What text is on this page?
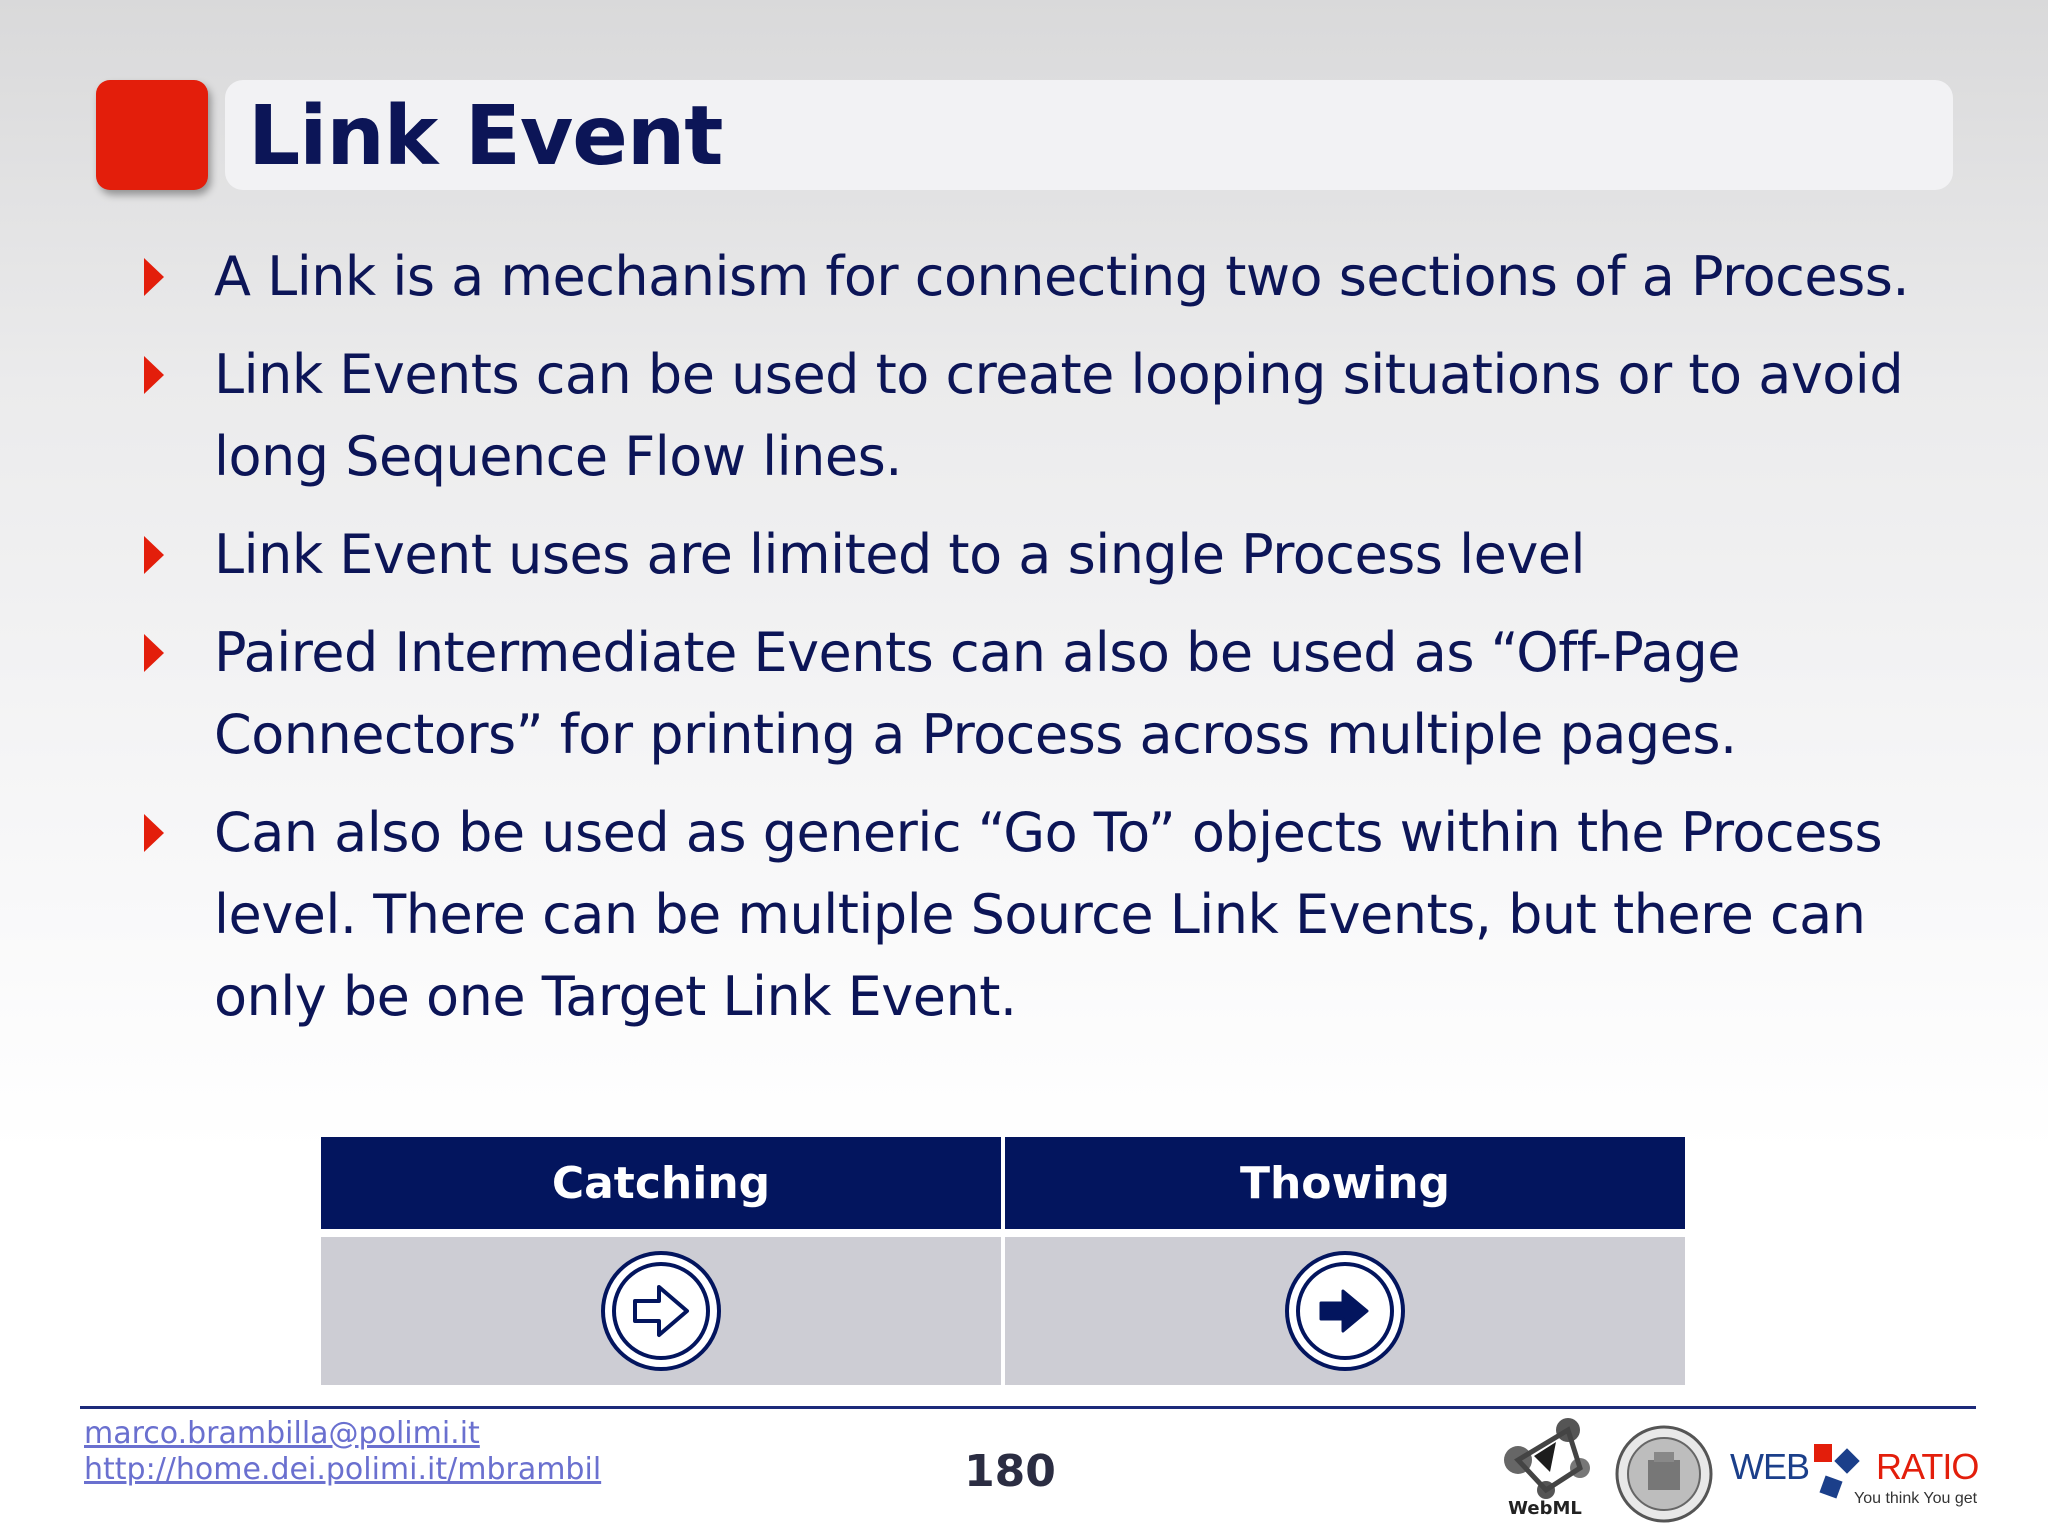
Link Event
A Link is a mechanism for connecting two sections of a Process.
Link Events can be used to create looping situations or to avoid long Sequence Flow lines.
Link Event uses are limited to a single Process level
Paired Intermediate Events can also be used as “Off-Page Connectors” for printing a Process across multiple pages.
Can also be used as generic “Go To” objects within the Process level. There can be multiple Source Link Events, but there can only be one Target Link Event.
Catching	Thowing
marco.brambilla@polimi.it
http://home.dei.polimi.it/mbrambil	180
WebML
WEB RATIO
You think You get
